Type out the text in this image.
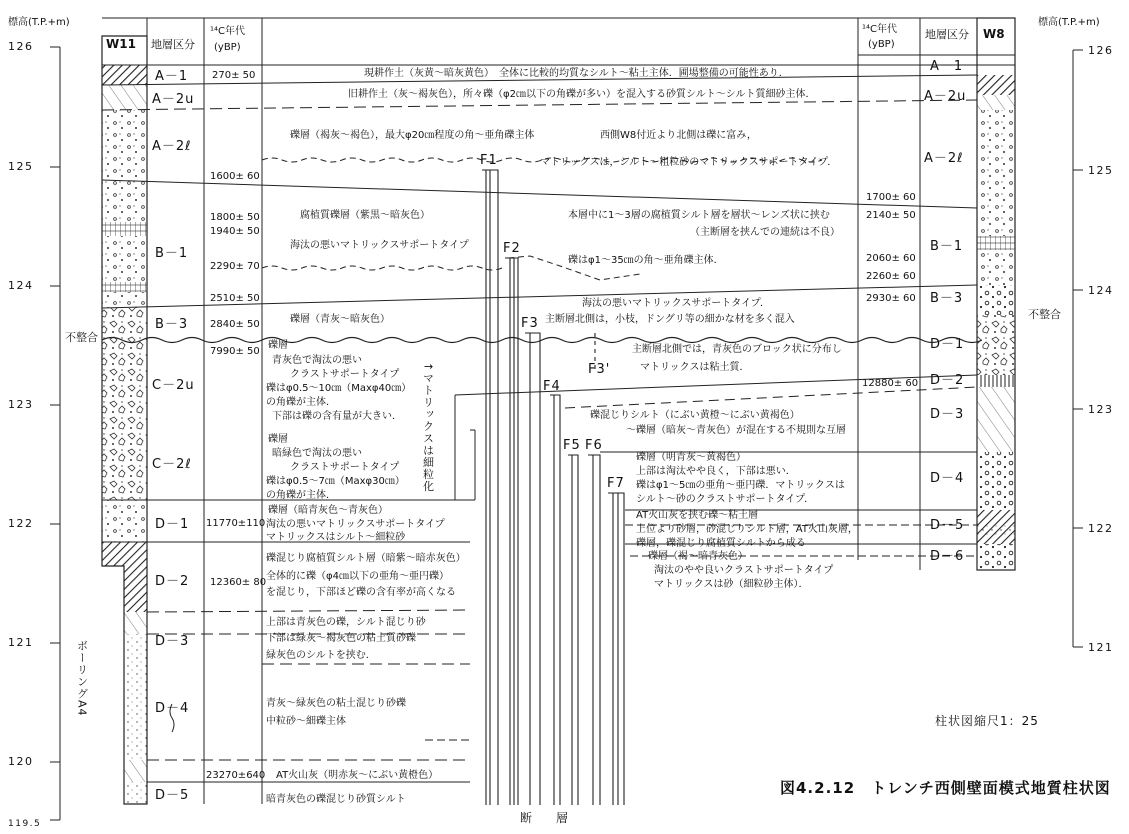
標高(T.P.+m)
126
125
124
123
122
121
120
119.5
不整合
標高(T.P.+m)
126
125
124
123
122
121
不整合
ボーリングA4
W11 地層区分
¹⁴C年代
(yBP)
A－1
A－2u
A－2ℓ
B－1
B－3
C－2u
C－2ℓ
D－1
D－2
D－3
D－4
D－5
270± 50
1600± 60
1800± 50
1940± 50
2290± 70
2510± 50
2840± 50
7990± 50
11770±110
12360± 80
23270±640
W8
¹⁴C年代
(yBP)
地層区分
A－1
A－2u
A－2ℓ
B－1
B－3
D－1
D－2
D－3
D－4
D－5
D－6
1700± 60
2140± 50
2060± 60
2260± 60
2930± 60
12880± 60
F1
F2
F3
F3'
F4
F5 F6
F7
断　　層
↑マトリックスは細粒化
現耕作土（灰黄～暗灰黄色）　全体に比較的均質なシルト～粘土主体．圃場整備の可能性あり．
旧耕作土（灰～褐灰色），所々礫（φ2㎝以下の角礫が多い）を混入する砂質シルト～シルト質細砂主体．
礫層（褐灰～褐色），最大φ20㎝程度の角～亜角礫主体	西側W8付近より北側は礫に富み，
マトリックスは，シルト～粗粒砂のマトリックスサポートタイプ．
腐植質礫層（紫黒～暗灰色）
海汰の悪いマトリックスサポートタイプ
本層中に1～3層の腐植質シルト層を層状～レンズ状に挟む
（主断層を挟んでの連続は不良）
礫はφ1～35㎝の角～亜角礫主体．
海汰の悪いマトリックスサポートタイプ．
礫層（青灰～暗灰色）	主断層北側は，小枝，ドングリ等の細かな材を多く混入
礫層
青灰色で淘汰の悪い
クラストサポートタイプ
礫はφ0.5～10㎝（Maxφ40㎝）
の角礫が主体．
下部は礫の含有量が大きい．
礫層
暗緑色で淘汰の悪い
クラストサポートタイプ
礫はφ0.5～7㎝（Maxφ30㎝）
の角礫が主体．
主断層北側では，青灰色のブロック状に分布し
マトリックスは粘土質．
礫混じりシルト（にぶい黄橙～にぶい黄褐色）
～礫層（暗灰～青灰色）が混在する不規則な互層
礫層（明青灰～黄褐色）
上部は淘汰やや良く，下部は悪い．
礫はφ1～5㎝の亜角～亜円礫．マトリックスは
シルト～砂のクラストサポートタイプ．
AT火山灰を挟む礫～粘土層
上位より砂層，砂混じりシルト層，AT火山灰層，
礫層，礫混じり腐植質シルトから成る
礫層（褐～暗青灰色）
淘汰のやや良いクラストサポートタイプ
マトリックスは砂（細粒砂主体）．
礫層（暗青灰色～青灰色）
淘汰の悪いマトリックスサポートタイプ
マトリックスはシルト～細粒砂
礫混じり腐植質シルト層（暗紫～暗赤灰色）
全体的に礫（φ4㎝以下の亜角～亜円礫）
を混じり，下部ほど礫の含有率が高くなる
上部は青灰色の礫，シルト混じり砂
下部は緑灰～褐灰色の粘土質砂礫
緑灰色のシルトを挟む．
青灰～緑灰色の粘土混じり砂礫
中粒砂～細礫主体
AT火山灰（明赤灰～にぶい黄橙色）
暗青灰色の礫混じり砂質シルト
柱状図縮尺1：25
図4.2.12　トレンチ西側壁面模式地質柱状図
